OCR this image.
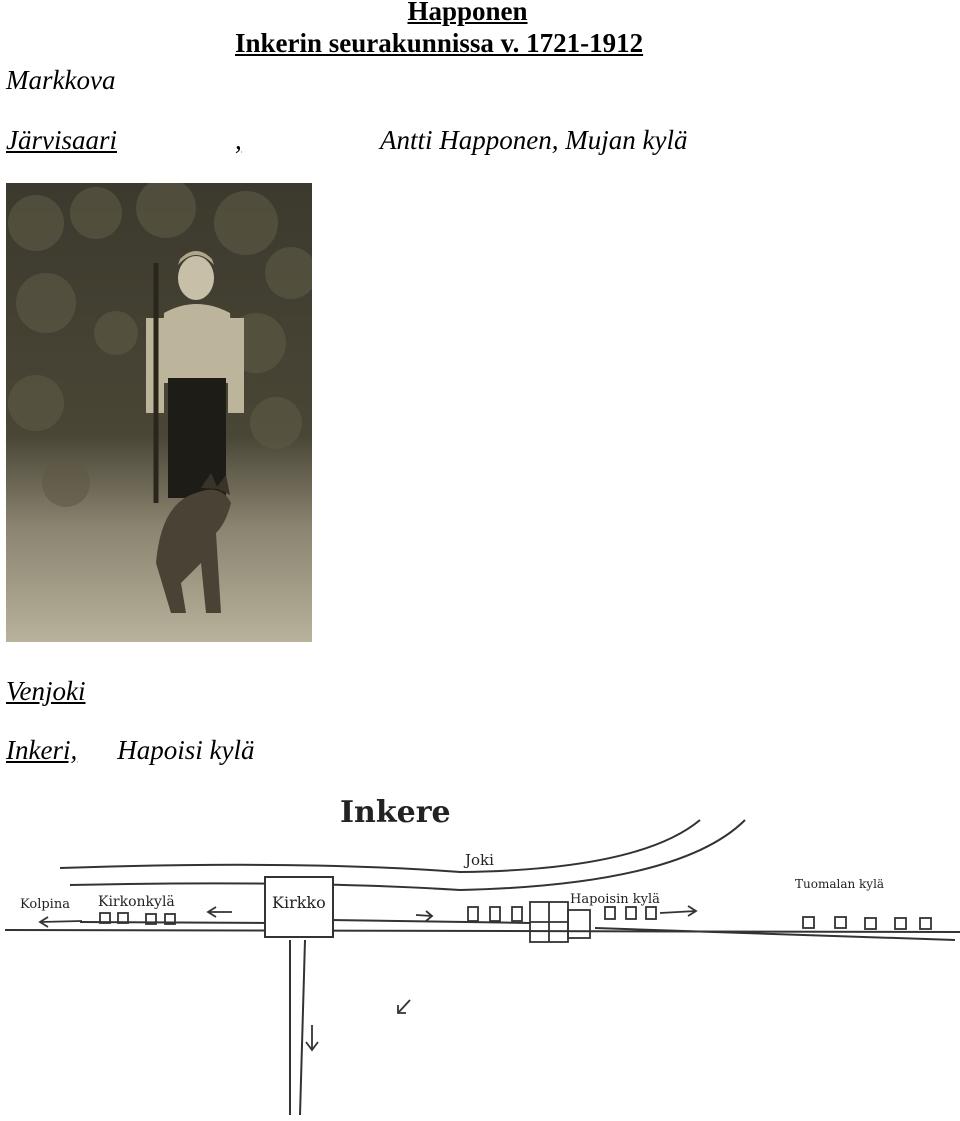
Happonen
Inkerin seurakunnissa v. 1721-1912
Markkova
Järvisaari	,	Antti Happonen, Mujan kylä
Venjoki
Inkeri, Hapoisi kylä
Inkere
Joki
Kirkko
Kolpina Kirkonkylä	Hapoisin kylä
Tuomalan kylä
